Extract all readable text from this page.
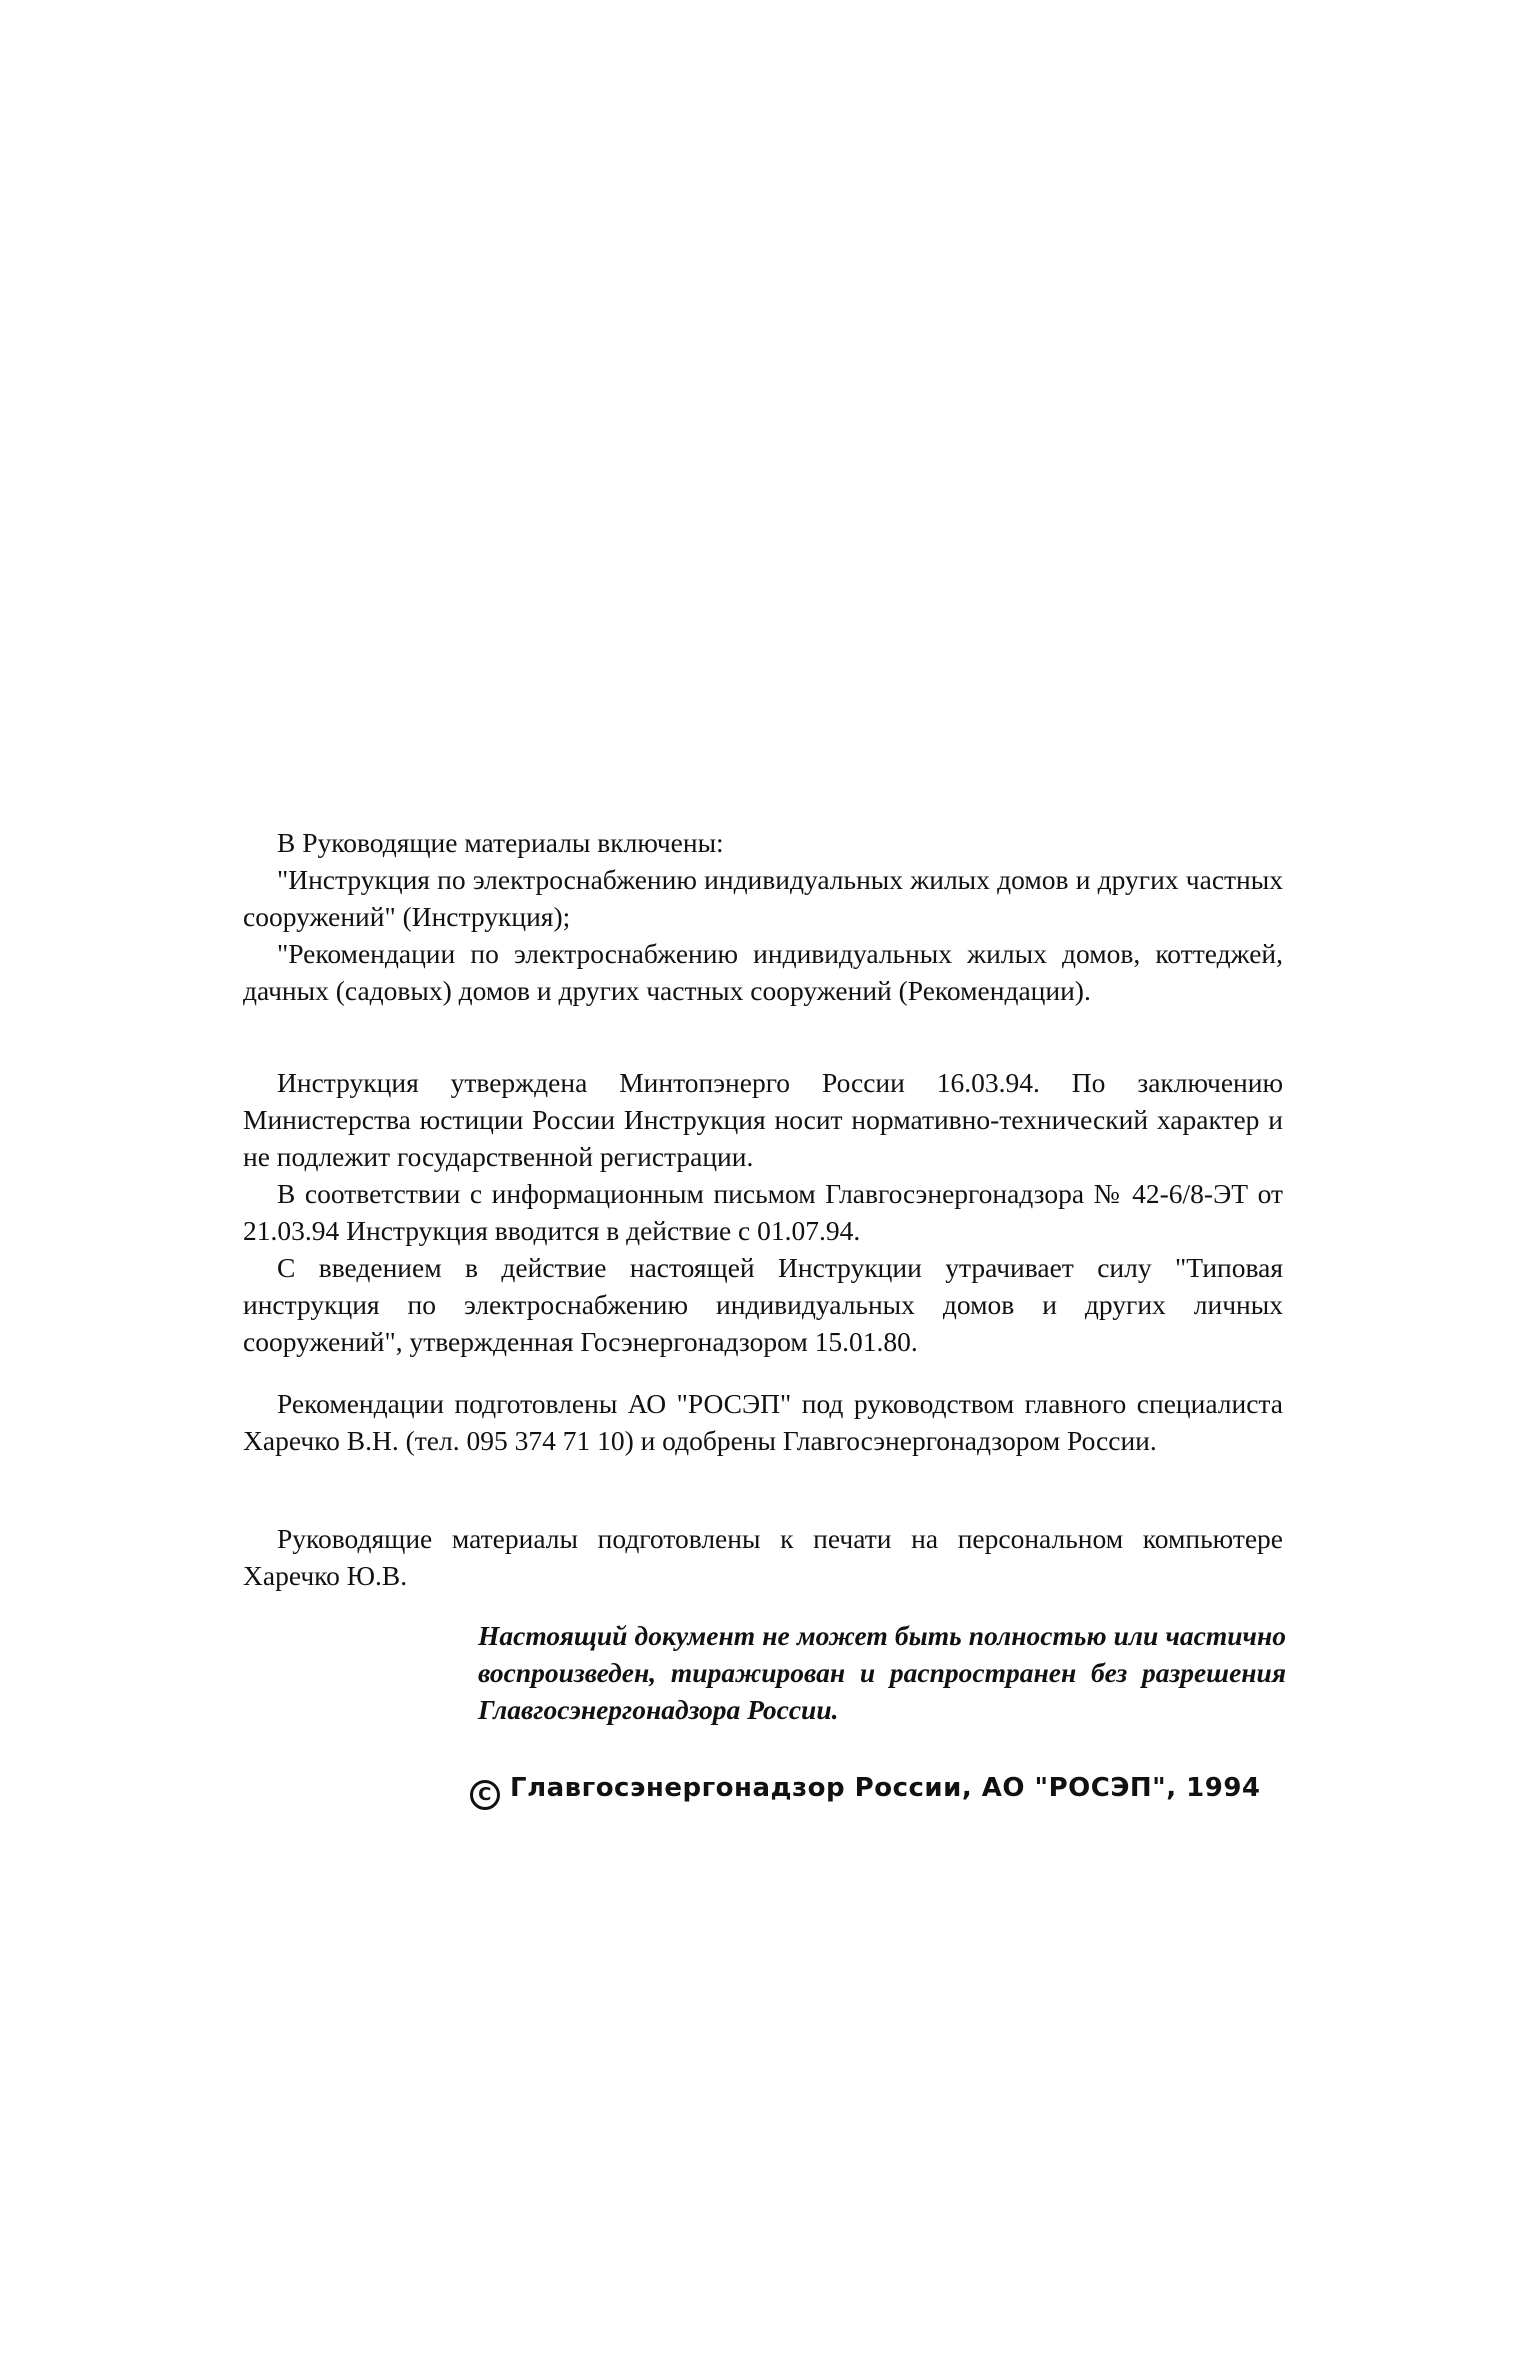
В Руководящие материалы включены:

"Инструкция по электроснабжению индивидуальных жилых домов и других частных сооружений" (Инструкция);

"Рекомендации по электроснабжению индивидуальных жилых домов, коттеджей, дачных (садовых) домов и других частных сооружений (Рекомендации).

Инструкция утверждена Минтопэнерго России 16.03.94. По заключению Министерства юстиции России Инструкция носит нормативно-технический характер и не подлежит государственной регистрации.

В соответствии с информационным письмом Главгосэнергонадзора № 42-6/8-ЭТ от 21.03.94 Инструкция вводится в действие с 01.07.94.

С введением в действие настоящей Инструкции утрачивает силу "Типовая инструкция по электроснабжению индивидуальных домов и других личных сооружений", утвержденная Госэнергонадзором 15.01.80.

Рекомендации подготовлены АО "РОСЭП" под руководством главного специалиста Харечко В.Н. (тел. 095 374 71 10) и одобрены Главгосэнергонадзором России.

Руководящие материалы подготовлены к печати на персональном компьютере Харечко Ю.В.

Настоящий документ не может быть полностью или частично воспроизведен, тиражирован и распространен без разрешения Главгосэнергонадзора России.
C Главгосэнергонадзор России, АО "РОСЭП", 1994
